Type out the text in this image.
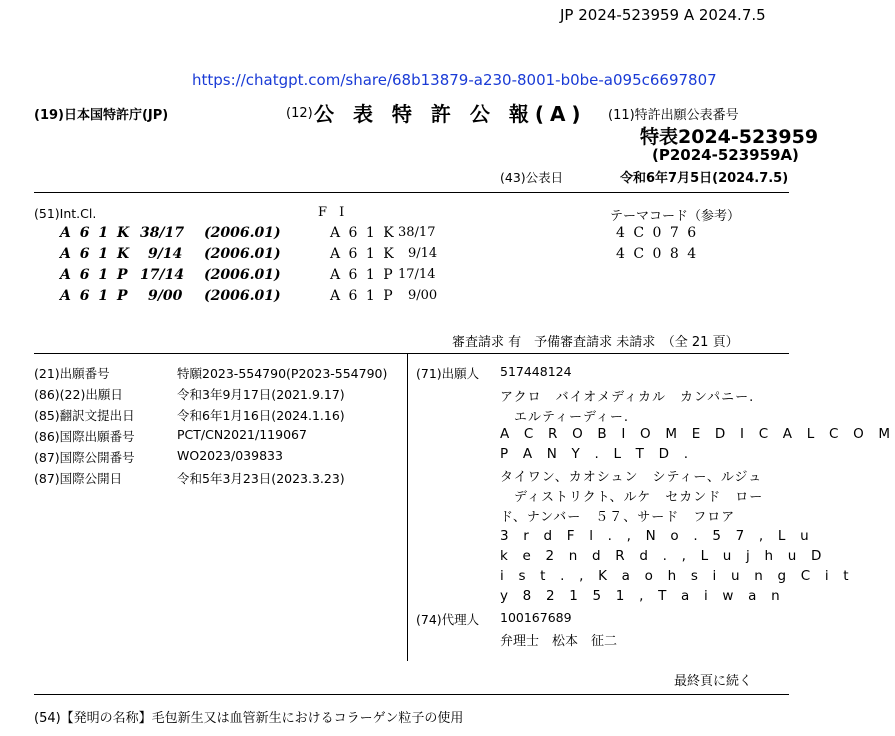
JP 2024-523959 A 2024.7.5
https://chatgpt.com/share/68b13879-a230-8001-b0be-a095c6697807
(19)日本国特許庁(JP)	(12) 公 表 特 許 公 報(A) (11)特許出願公表番号
特表2024-523959
(P2024-523959A)
(43)公表日	令和6年7月5日(2024.7.5)
(51)Int.Cl.	F I	テーマコード（参考）
A 6 1 K 38/17 (2006.01)	A 6 1 K 38/17	4 C 0 7 6
A 6 1 K 9/14 (2006.01)	A 6 1 K 9/14	4 C 0 8 4
A 6 1 P 17/14 (2006.01)	A 6 1 P 17/14
A 6 1 P 9/00 (2006.01)	A 6 1 P 9/00
審査請求 有　予備審査請求 未請求　（全 21 頁）
(21)出願番号	特願2023-554790(P2023-554790)
(86)(22)出願日	令和3年9月17日(2021.9.17)
(85)翻訳文提出日	令和6年1月16日(2024.1.16)
(86)国際出願番号	PCT/CN2021/119067
(87)国際公開番号	WO2023/039833
(87)国際公開日	令和5年3月23日(2023.3.23)
(71)出願人 517448124
アクロ　バイオメディカル　カンパニー.
　エルティーディー.
A C R O B I O M E D I C A L C O M
P A N Y . L T D .
タイワン、カオシュン　シティー、ルジュ
　ディストリクト、ルケ　セカンド　ロー
ド、ナンバー　５７、サード　フロア
3 r d F l . , N o . 5 7 , L u
k e 2 n d R d . , L u j h u D
i s t . , K a o h s i u n g C i t
y 8 2 1 5 1 , T a i w a n
(74)代理人 100167689
弁理士　松本　征二
最終頁に続く
(54)【発明の名称】毛包新生又は血管新生におけるコラーゲン粒子の使用
